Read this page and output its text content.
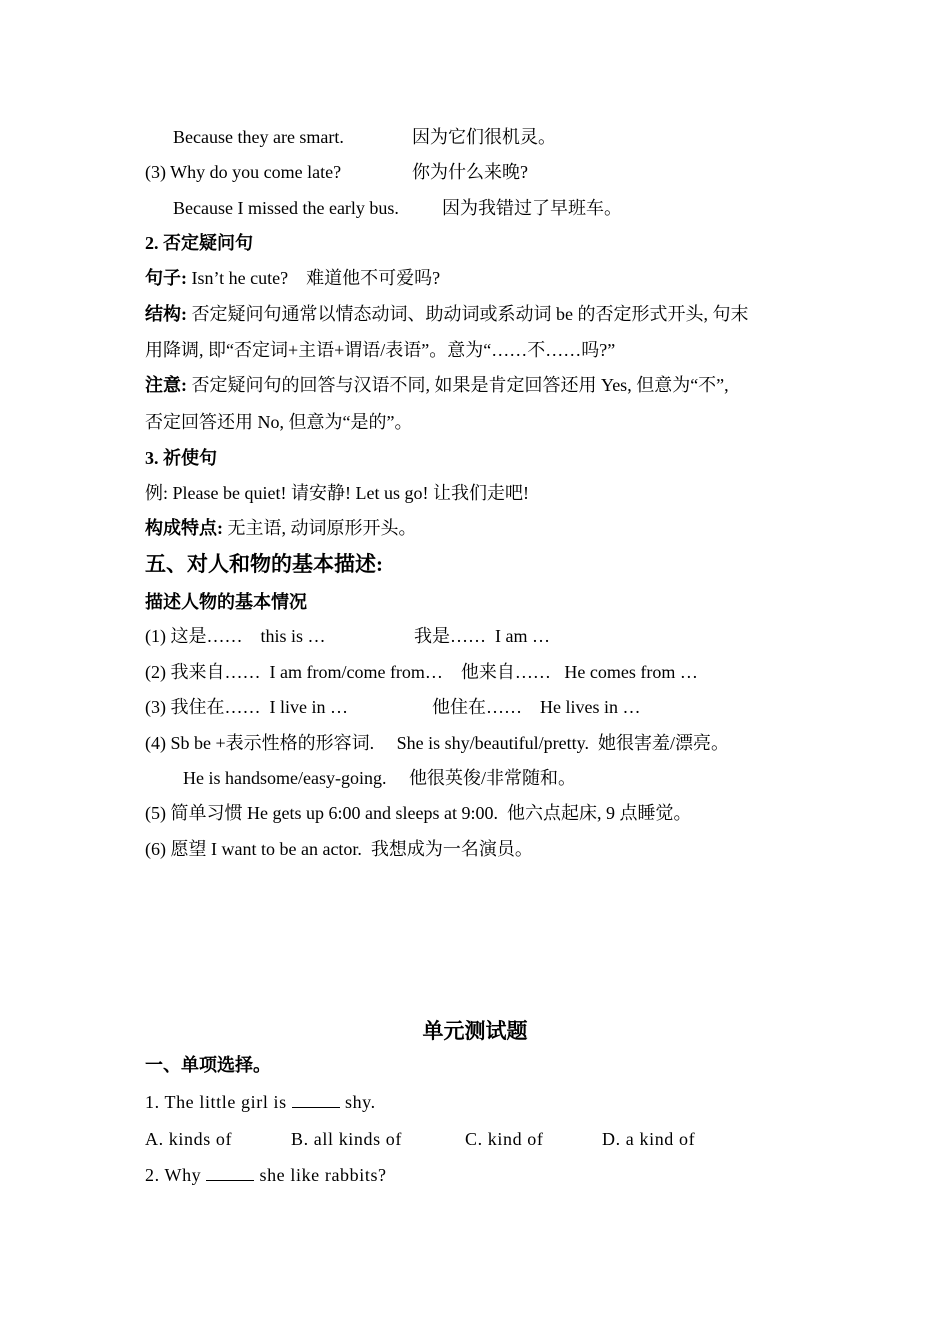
Because they are smart.	因为它们很机灵。
(3) Why do you come late?	你为什么来晚?
Because I missed the early bus. 因为我错过了早班车。
2. 否定疑问句
句子: Isn’t he cute?    难道他不可爱吗?
结构: 否定疑问句通常以情态动词、助动词或系动词 be 的否定形式开头, 句末
用降调, 即“否定词+主语+谓语/表语”。意为“……不……吗?”
注意: 否定疑问句的回答与汉语不同, 如果是肯定回答还用 Yes, 但意为“不”,
否定回答还用 No, 但意为“是的”。
3. 祈使句
例: Please be quiet! 请安静! Let us go! 让我们走吧!
构成特点: 无主语, 动词原形开头。
五、对人和物的基本描述:
描述人物的基本情况
(1) 这是……    this is …	我是……  I am …
(2) 我来自……  I am from/come from…    他来自……   He comes from …
(3) 我住在……  I live in …	他住在……    He lives in …
(4) Sb be +表示性格的形容词.     She is shy/beautiful/pretty.  她很害羞/漂亮。
He is handsome/easy-going.     他很英俊/非常随和。
(5) 简单习惯 He gets up 6:00 and sleeps at 9:00.  他六点起床, 9 点睡觉。
(6) 愿望 I want to be an actor.  我想成为一名演员。
单元测试题
一、单项选择。
1. The little girl is	shy.
A. kinds of	B. all kinds of	C. kind of	D. a kind of
2. Why	she like rabbits?
